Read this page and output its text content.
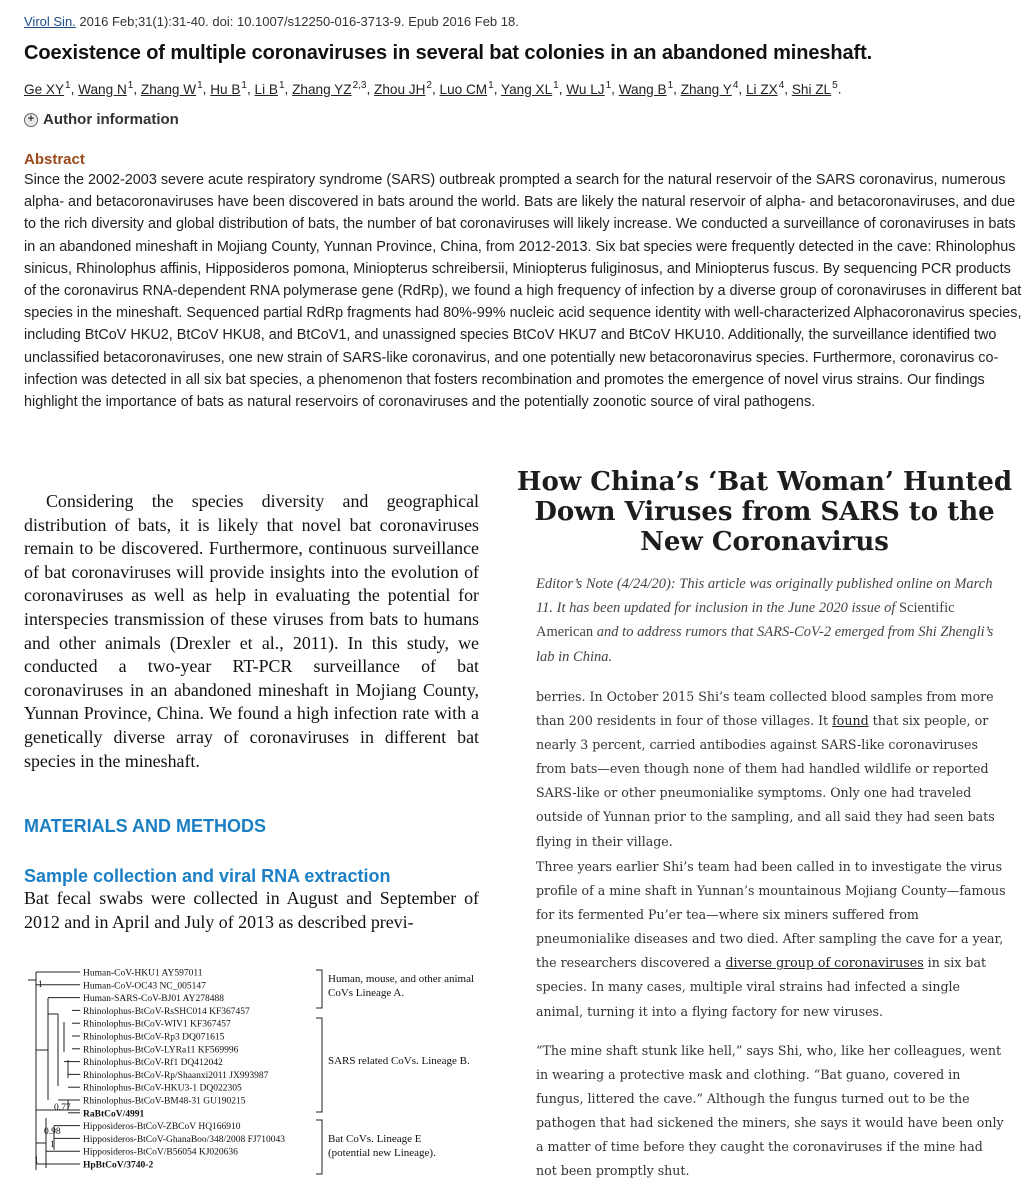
Virol Sin. 2016 Feb;31(1):31-40. doi: 10.1007/s12250-016-3713-9. Epub 2016 Feb 18.
Coexistence of multiple coronaviruses in several bat colonies in an abandoned mineshaft.
Ge $XY^1$, Wang $N^1$, Zhang $W^1$, Hu $B^1$, Li $B^1$, Zhang YZ$^{2,3}$, Zhou $JH^2$, Luo $CM^1$, Yang $XL^1$, Wu $LJ^1$, Wang $B^1$, Zhang $Y^4$, Li $ZX^4$, Shi $ZL^5$.
+ Author information
Abstract
Since the 2002-2003 severe acute respiratory syndrome (SARS) outbreak prompted a search for the natural reservoir of the SARS coronavirus, numerous alpha- and betacoronaviruses have been discovered in bats around the world. Bats are likely the natural reservoir of alpha- and betacoronaviruses, and due to the rich diversity and global distribution of bats, the number of bat coronaviruses will likely increase. We conducted a surveillance of coronaviruses in bats in an abandoned mineshaft in Mojiang County, Yunnan Province, China, from 2012-2013. Six bat species were frequently detected in the cave: Rhinolophus sinicus, Rhinolophus affinis, Hipposideros pomona, Miniopterus schreibersii, Miniopterus fuliginosus, and Miniopterus fuscus. By sequencing PCR products of the coronavirus RNA-dependent RNA polymerase gene (RdRp), we found a high frequency of infection by a diverse group of coronaviruses in different bat species in the mineshaft. Sequenced partial RdRp fragments had 80%-99% nucleic acid sequence identity with well-characterized Alphacoronavirus species, including BtCoV HKU2, BtCoV HKU8, and BtCoV1, and unassigned species BtCoV HKU7 and BtCoV HKU10. Additionally, the surveillance identified two unclassified betacoronaviruses, one new strain of SARS-like coronavirus, and one potentially new betacoronavirus species. Furthermore, coronavirus co-infection was detected in all six bat species, a phenomenon that fosters recombination and promotes the emergence of novel virus strains. Our findings highlight the importance of bats as natural reservoirs of coronaviruses and the potentially zoonotic source of viral pathogens.
Considering the species diversity and geographical distribution of bats, it is likely that novel bat coronaviruses remain to be discovered. Furthermore, continuous surveillance of bat coronaviruses will provide insights into the evolution of coronaviruses as well as help in evaluating the potential for interspecies transmission of these viruses from bats to humans and other animals (Drexler et al., 2011). In this study, we conducted a two-year RT-PCR surveillance of bat coronaviruses in an abandoned mineshaft in Mojiang County, Yunnan Province, China. We found a high infection rate with a genetically diverse array of coronaviruses in different bat species in the mineshaft.
MATERIALS AND METHODS
Sample collection and viral RNA extraction
Bat fecal swabs were collected in August and September of 2012 and in April and July of 2013 as described previ-
Human-CoV-HKU1 AY597011
Human-CoV-OC43 NC_005147
Human-SARS-CoV-BJ01 AY278488
Rhinolophus-BtCoV-RsSHC014 KF367457
Rhinolophus-BtCoV-WIV1 KF367457
Rhinolophus-BtCoV-Rp3 DQ071615
Rhinolophus-BtCoV-LYRa11 KF569996
Rhinolophus-BtCoV-Rf1 DQ412042
Rhinolophus-BtCoV-Rp/Shaanxi2011 JX993987
Rhinolophus-BtCoV-HKU3-1 DQ022305
Rhinolophus-BtCoV-BM48-31 GU190215
RaBtCoV/4991
Hipposideros-BtCoV-ZBCoV HQ166910
Hipposideros-BtCoV-GhanaBoo/348/2008 FJ710043
Hipposideros-BtCoV/B56054 KJ020636
HpBtCoV/3740-2
1
0.77
0.98
1
1
Human, mouse, and other animal
CoVs Lineage A.
SARS related CoVs. Lineage B.
Bat CoVs. Lineage E
(potential new Lineage).
How China’s ‘Bat Woman’ Hunted Down Viruses from SARS to the New Coronavirus
Editor’s Note (4/24/20): This article was originally published online on March 11. It has been updated for inclusion in the June 2020 issue of Scientific American and to address rumors that SARS-CoV-2 emerged from Shi Zhengli’s lab in China.
berries. In October 2015 Shi’s team collected blood samples from more than 200 residents in four of those villages. It found that six people, or nearly 3 percent, carried antibodies against SARS-like coronaviruses from bats—even though none of them had handled wildlife or reported SARS-like or other pneumonialike symptoms. Only one had traveled outside of Yunnan prior to the sampling, and all said they had seen bats flying in their village.
Three years earlier Shi’s team had been called in to investigate the virus profile of a mine shaft in Yunnan’s mountainous Mojiang County—famous for its fermented Pu’er tea—where six miners suffered from pneumonialike diseases and two died. After sampling the cave for a year, the researchers discovered a diverse group of coronaviruses in six bat species. In many cases, multiple viral strains had infected a single animal, turning it into a flying factory for new viruses.
“The mine shaft stunk like hell,” says Shi, who, like her colleagues, went in wearing a protective mask and clothing. “Bat guano, covered in fungus, littered the cave.” Although the fungus turned out to be the pathogen that had sickened the miners, she says it would have been only a matter of time before they caught the coronaviruses if the mine had not been promptly shut.
